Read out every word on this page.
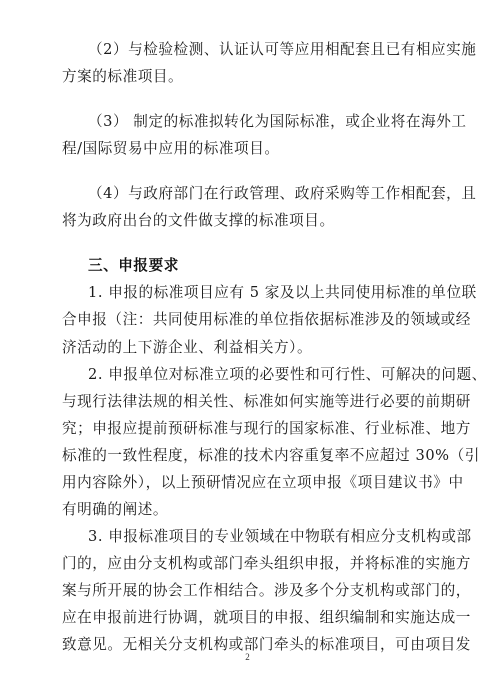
（2）与检验检测、认证认可等应用相配套且已有相应实施

方案的标准项目。

（3） 制定的标准拟转化为国际标准，或企业将在海外工

程/国际贸易中应用的标准项目。

（4）与政府部门在行政管理、政府采购等工作相配套，且

将为政府出台的文件做支撑的标准项目。

三、申报要求

1. 申报的标准项目应有 5 家及以上共同使用标准的单位联

合申报（注：共同使用标准的单位指依据标准涉及的领域或经

济活动的上下游企业、利益相关方）。

2. 申报单位对标准立项的必要性和可行性、可解决的问题、

与现行法律法规的相关性、标准如何实施等进行必要的前期研

究；申报应提前预研标准与现行的国家标准、行业标准、地方

标准的一致性程度，标准的技术内容重复率不应超过 30%（引

用内容除外），以上预研情况应在立项申报《项目建议书》中

有明确的阐述。

3. 申报标准项目的专业领域在中物联有相应分支机构或部

门的，应由分支机构或部门牵头组织申报，并将标准的实施方

案与所开展的协会工作相结合。涉及多个分支机构或部门的，

应在申报前进行协调，就项目的申报、组织编制和实施达成一

致意见。无相关分支机构或部门牵头的标准项目，可由项目发

2
